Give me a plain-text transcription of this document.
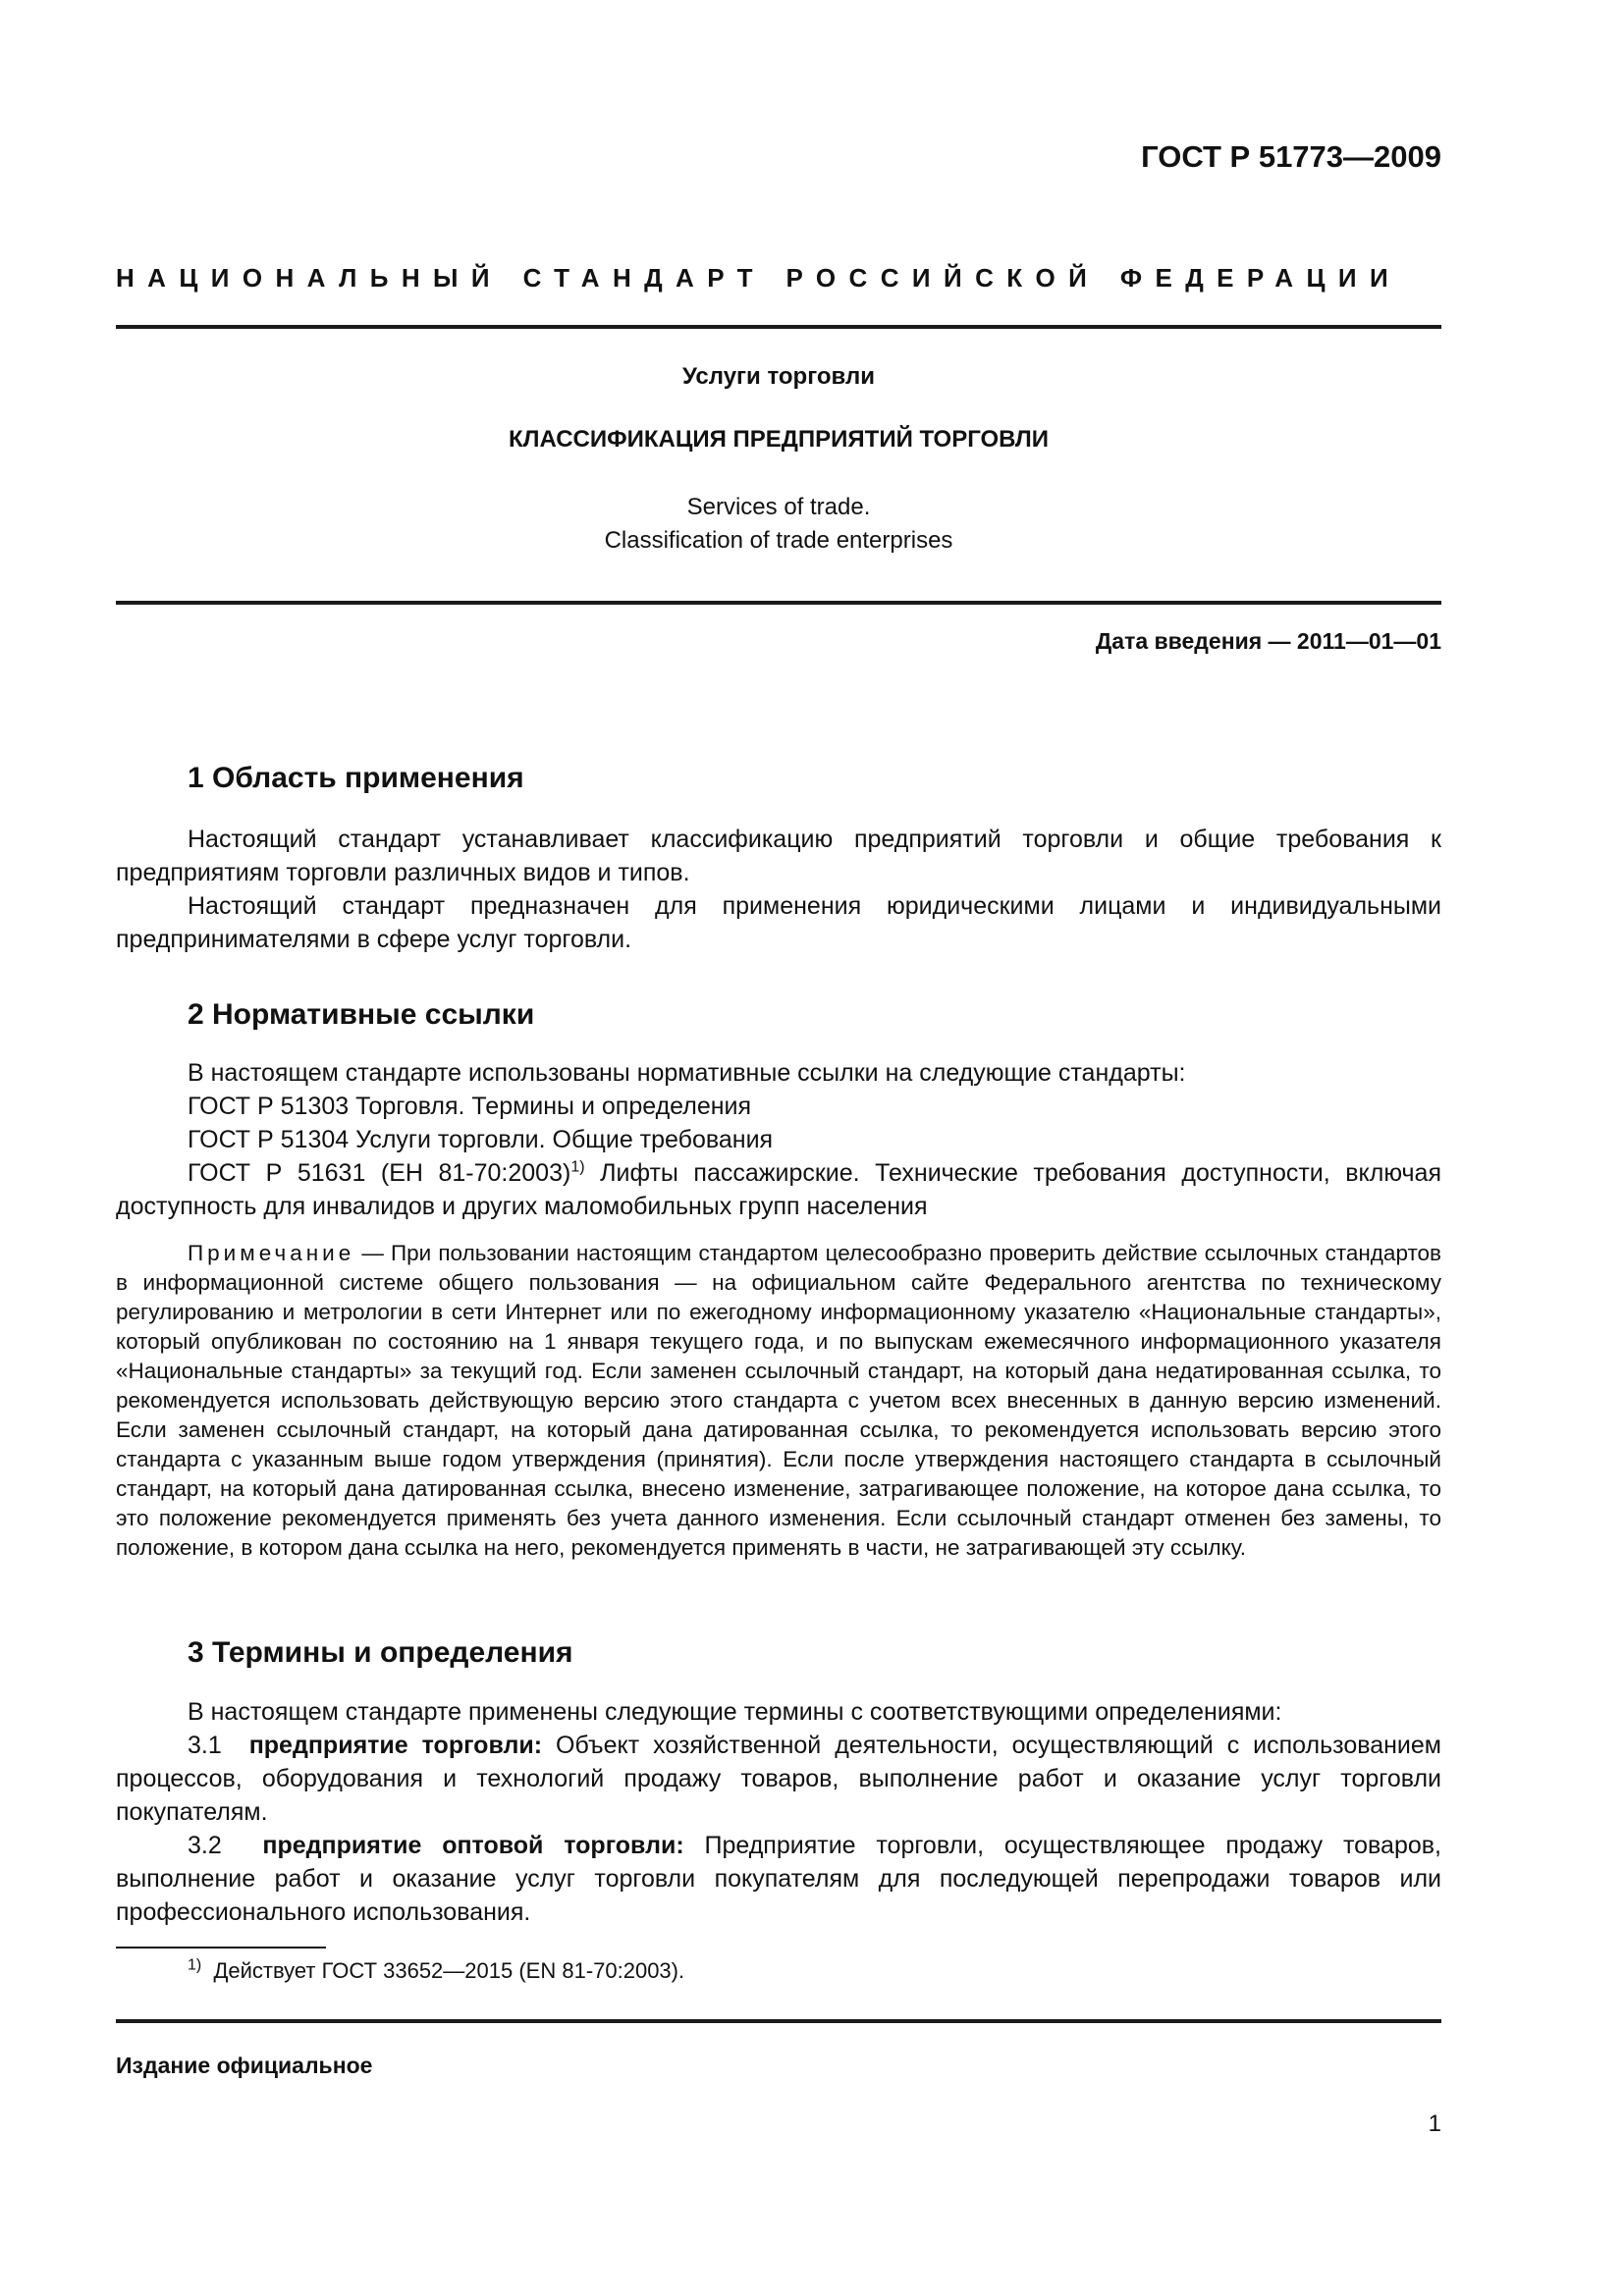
ГОСТ Р 51773—2009
НАЦИОНАЛЬНЫЙ СТАНДАРТ РОССИЙСКОЙ ФЕДЕРАЦИИ
Услуги торговли
КЛАССИФИКАЦИЯ ПРЕДПРИЯТИЙ ТОРГОВЛИ
Services of trade.
Classification of trade enterprises
Дата введения — 2011—01—01
1 Область применения

Настоящий стандарт устанавливает классификацию предприятий торговли и общие требования к предприятиям торговли различных видов и типов.

Настоящий стандарт предназначен для применения юридическими лицами и индивидуальными предпринимателями в сфере услуг торговли.

2 Нормативные ссылки

В настоящем стандарте использованы нормативные ссылки на следующие стандарты:

ГОСТ Р 51303 Торговля. Термины и определения

ГОСТ Р 51304 Услуги торговли. Общие требования

ГОСТ Р 51631 (ЕН 81-70:2003)$^{1)}$ Лифты пассажирские. Технические требования доступности, включая доступность для инвалидов и других маломобильных групп населения

Примечание — При пользовании настоящим стандартом целесообразно проверить действие ссылочных стандартов в информационной системе общего пользования — на официальном сайте Федерального агентства по техническому регулированию и метрологии в сети Интернет или по ежегодному информационному указателю «Национальные стандарты», который опубликован по состоянию на 1 января текущего года, и по выпускам ежемесячного информационного указателя «Национальные стандарты» за текущий год. Если заменен ссылочный стандарт, на который дана недатированная ссылка, то рекомендуется использовать действующую версию этого стандарта с учетом всех внесенных в данную версию изменений. Если заменен ссылочный стандарт, на который дана датированная ссылка, то рекомендуется использовать версию этого стандарта с указанным выше годом утверждения (принятия). Если после утверждения настоящего стандарта в ссылочный стандарт, на который дана датированная ссылка, внесено изменение, затрагивающее положение, на которое дана ссылка, то это положение рекомендуется применять без учета данного изменения. Если ссылочный стандарт отменен без замены, то положение, в котором дана ссылка на него, рекомендуется применять в части, не затрагивающей эту ссылку.
3 Термины и определения

В настоящем стандарте применены следующие термины с соответствующими определениями:

3.1 предприятие торговли: Объект хозяйственной деятельности, осуществляющий с использованием процессов, оборудования и технологий продажу товаров, выполнение работ и оказание услуг торговли покупателям.

3.2 предприятие оптовой торговли: Предприятие торговли, осуществляющее продажу товаров, выполнение работ и оказание услуг торговли покупателям для последующей перепродажи товаров или профессионального использования.

$^{1)}$ Действует ГОСТ 33652—2015 (EN 81-70:2003).
Издание официальное
1
